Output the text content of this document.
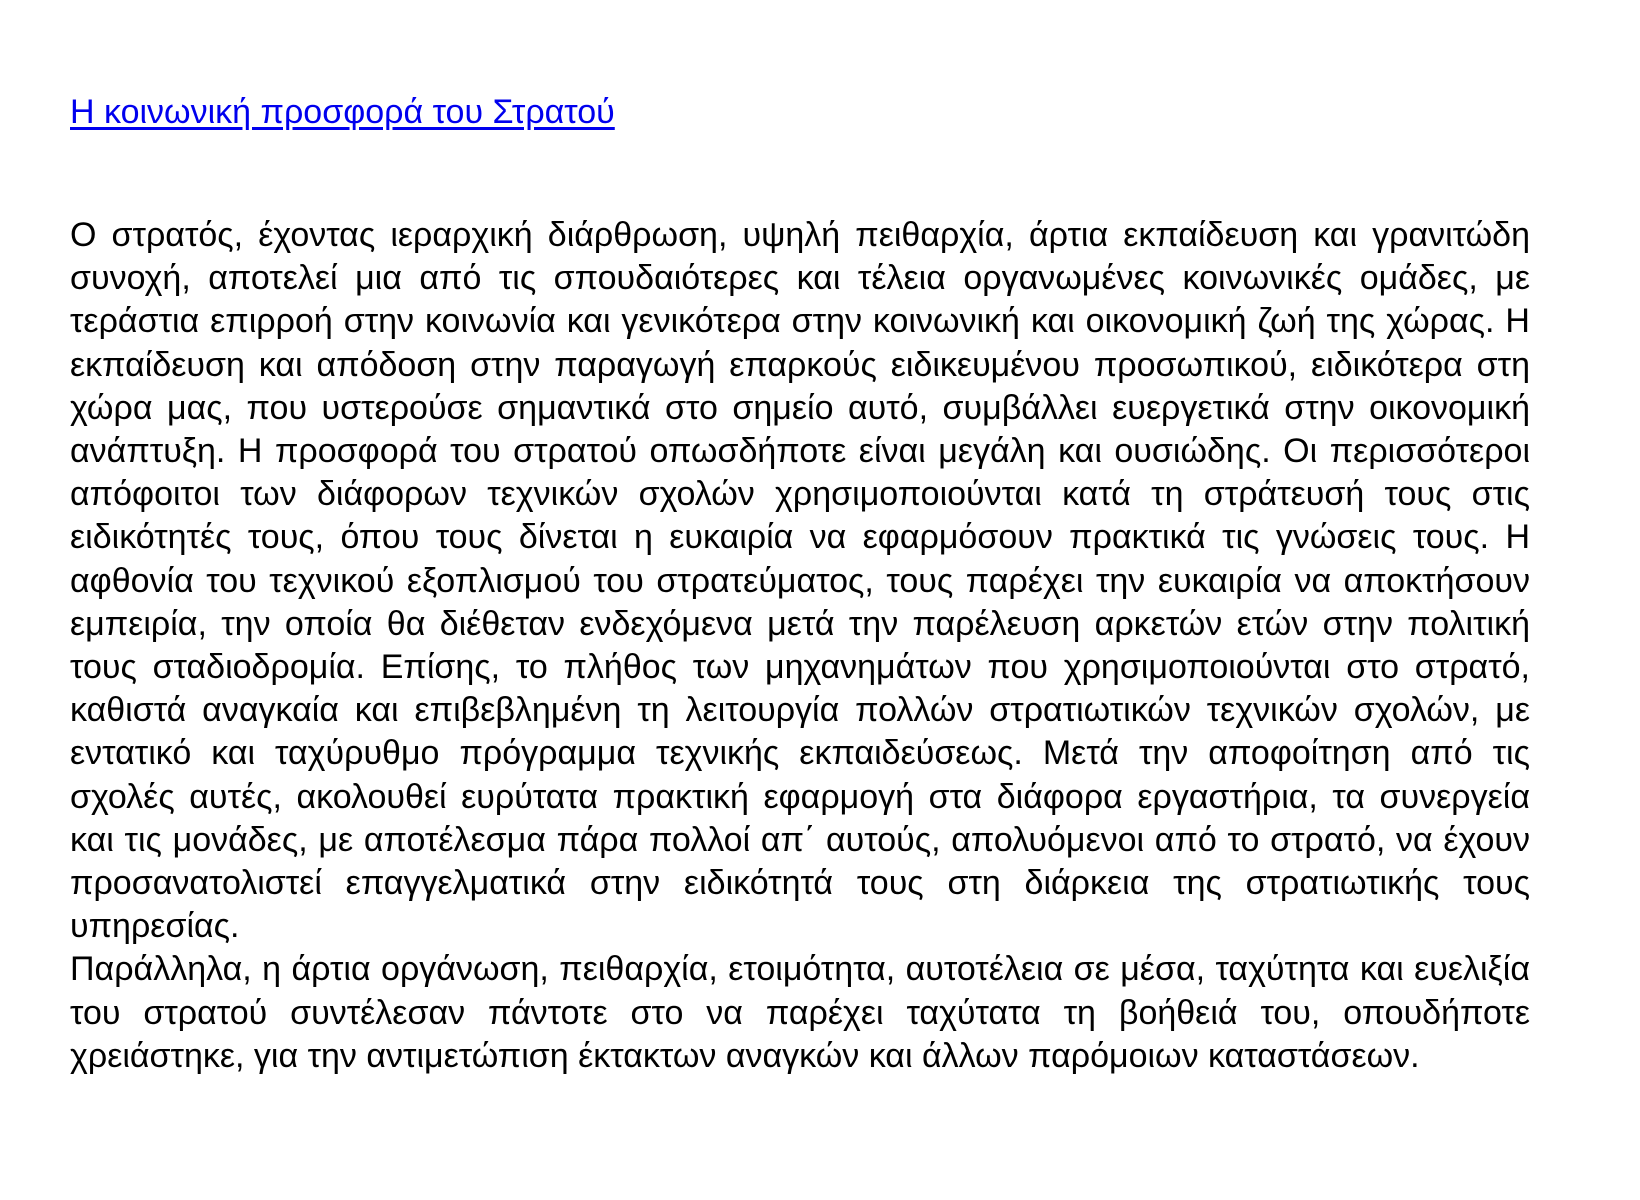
Η κοινωνική προσφορά του Στρατού

Ο στρατός, έχοντας ιεραρχική διάρθρωση, υψηλή πειθαρχία, άρτια εκπαίδευση και γρανιτώδη συνοχή, αποτελεί μια από τις σπουδαιότερες και τέλεια οργανωμένες κοινωνικές ομάδες, με τεράστια επιρροή στην κοινωνία και γενικότερα στην κοινωνική και οικονομική ζωή της χώρας. Η εκπαίδευση και απόδοση στην παραγωγή επαρκούς ειδικευμένου προσωπικού, ειδικότερα στη χώρα μας, που υστερούσε σημαντικά στο σημείο αυτό, συμβάλλει ευεργετικά στην οικονομική ανάπτυξη. Η προσφορά του στρατού οπωσδήποτε είναι μεγάλη και ουσιώδης. Οι περισσότεροι απόφοιτοι των διάφορων τεχνικών σχολών χρησιμοποιούνται κατά τη στράτευσή τους στις ειδικότητές τους, όπου τους δίνεται η ευκαιρία να εφαρμόσουν πρακτικά τις γνώσεις τους. Η αφθονία του τεχνικού εξοπλισμού του στρατεύματος, τους παρέχει την ευκαιρία να αποκτήσουν εμπειρία, την οποία θα διέθεταν ενδεχόμενα μετά την παρέλευση αρκετών ετών στην πολιτική τους σταδιοδρομία. Επίσης, το πλήθος των μηχανημάτων που χρησιμοποιούνται στο στρατό, καθιστά αναγκαία και επιβεβλημένη τη λειτουργία πολλών στρατιωτικών τεχνικών σχολών, με εντατικό και ταχύρυθμο πρόγραμμα τεχνικής εκπαιδεύσεως. Μετά την αποφοίτηση από τις σχολές αυτές, ακολουθεί ευρύτατα πρακτική εφαρμογή στα διάφορα εργαστήρια, τα συνεργεία και τις μονάδες, με αποτέλεσμα πάρα πολλοί απ΄ αυτούς, απολυόμενοι από το στρατό, να έχουν προσανατολιστεί επαγγελματικά στην ειδικότητά τους στη διάρκεια της στρατιωτικής τους υπηρεσίας.

Παράλληλα, η άρτια οργάνωση, πειθαρχία, ετοιμότητα, αυτοτέλεια σε μέσα, ταχύτητα και ευελιξία του στρατού συντέλεσαν πάντοτε στο να παρέχει ταχύτατα τη βοήθειά του, οπουδήποτε χρειάστηκε, για την αντιμετώπιση έκτακτων αναγκών και άλλων παρόμοιων καταστάσεων.
